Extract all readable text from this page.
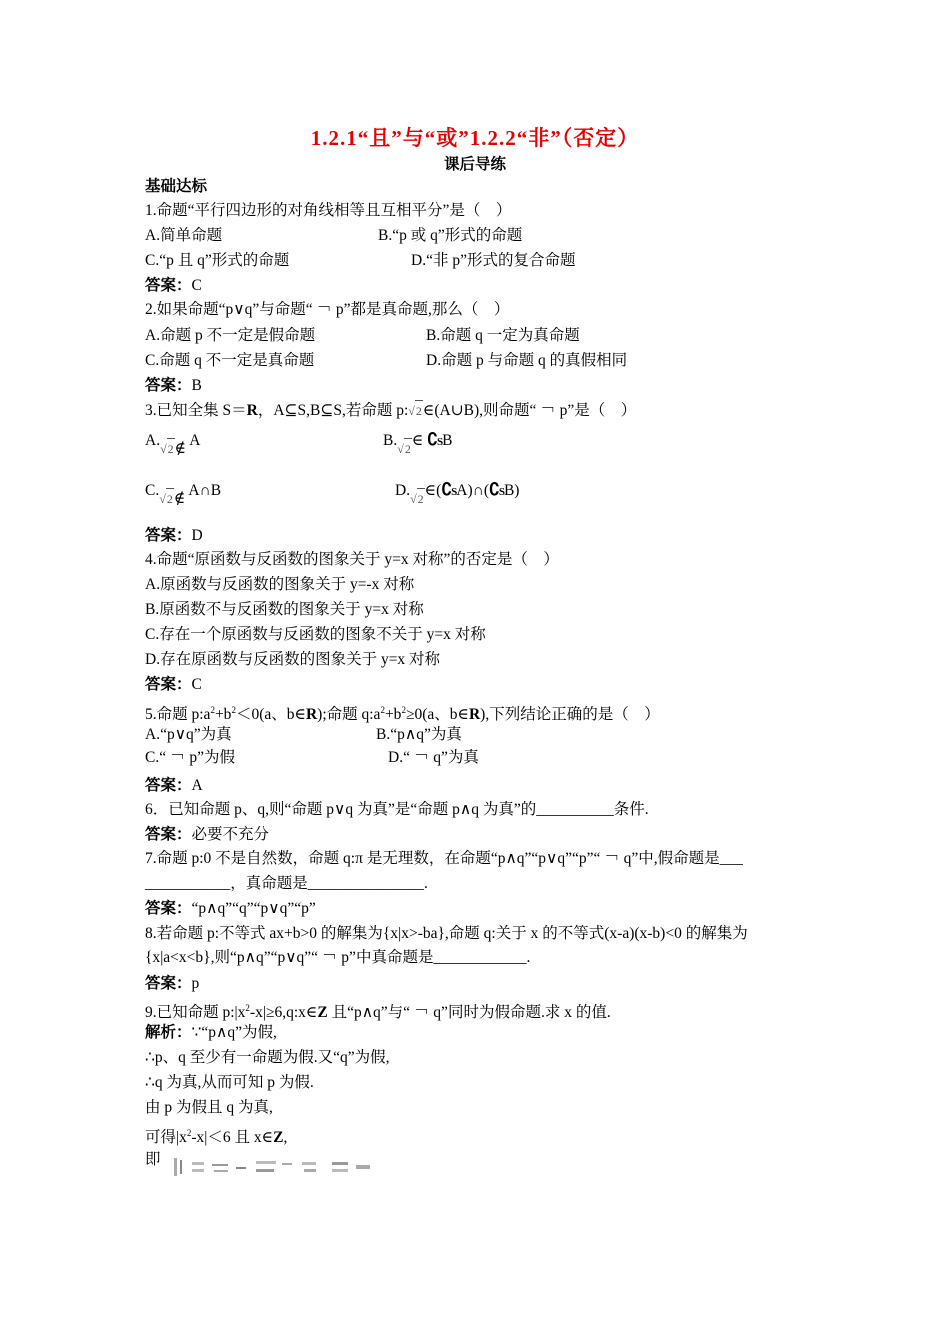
1.2.1“且”与“或”1.2.2“非”（否定）
课后导练
基础达标
1.命题“平行四边形的对角线相等且互相平分”是（　）
A.简单命题	B.“p 或 q”形式的命题
C.“p 且 q”形式的命题	D.“非 p”形式的复合命题
答案：C
2.如果命题“p∨q”与命题“ ￢ p”都是真命题,那么（　）
A.命题 p 不一定是假命题	B.命题 q 一定为真命题
C.命题 q 不一定是真命题	D.命题 p 与命题 q 的真假相同
答案：B
3.已知全集 S＝R，A⊆S,B⊆S,若命题 p:√2∈(A∪B),则命题“ ￢ p”是（　）
A.√2∉ A	B.√2∈ ∁SB
C.√2∉ A∩B	D.√2∈(∁SA)∩(∁SB)
答案：D
4.命题“原函数与反函数的图象关于 y=x 对称”的否定是（　）
A.原函数与反函数的图象关于 y=-x 对称
B.原函数不与反函数的图象关于 y=x 对称
C.存在一个原函数与反函数的图象不关于 y=x 对称
D.存在原函数与反函数的图象关于 y=x 对称
答案：C
5.命题 $p:a^2+b^2<0(a$、b∈R);命题 $q:a^2+b^2\ge 0(a$、b∈R),下列结论正确的是（　）
A.“p∨q”为真	B.“p∧q”为真
C.“ ￢ p”为假	D.“ ￢ q”为真
答案：A
6．已知命题 p、q,则“命题 p∨q 为真”是“命题 p∧q 为真”的__________条件.
答案：必要不充分
7.命题 p:0 不是自然数，命题 q:π 是无理数，在命题“p∧q”“p∨q”“p”“ ￢ q”中,假命题是___
___________，真命题是_______________.
答案：“p∧q”“q”“p∨q”“p”
8.若命题 p:不等式 ax+b>0 的解集为{x|x>-ba},命题 q:关于 x 的不等式(x-a)(x-b)<0 的解集为
{x|a<x<b},则“p∧q”“p∨q”“ ￢ p”中真命题是____________.
答案：p
9.已知命题 $p:|x^2-x|\ge 6,q:x\in Z$ 且“p∧q”与“ ￢ q”同时为假命题.求 x 的值.
解析：∵“p∧q”为假,
∴p、q 至少有一命题为假.又“q”为假,
∴q 为真,从而可知 p 为假.
由 p 为假且 q 为真,
可得$|x^2-x|<6$ 且 x∈Z,
即
